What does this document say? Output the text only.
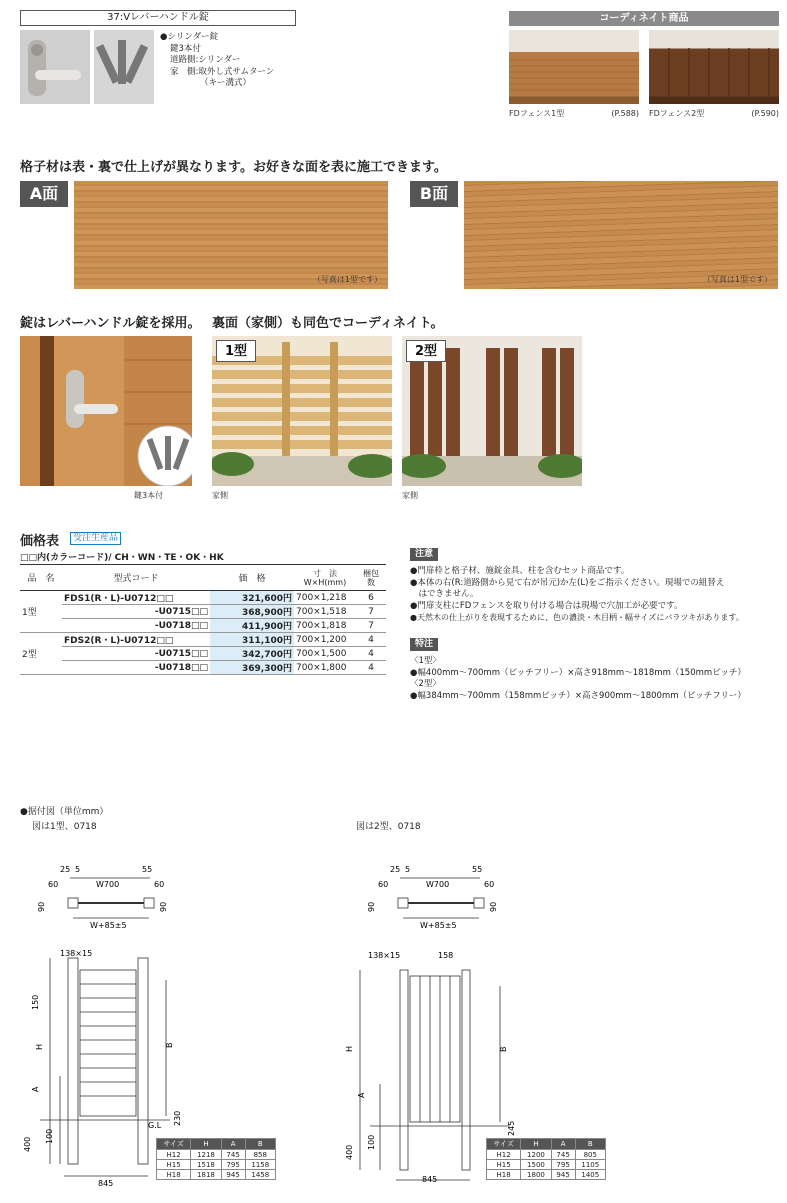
37:Vレバーハンドル錠
●シリンダー錠
鍵3本付
道路側:シリンダー
家　側:取外し式サムターン
（キー溝式）
コーディネイト商品
FDフェンス1型	(P.588) FDフェンス2型	(P.590)
格子材は表・裏で仕上げが異なります。お好きな面を表に施工できます。
A面
（写真は1型です）
B面
（写真は1型です）
錠はレバーハンドル錠を採用。 裏面（家側）も同色でコーディネイト。
鍵3本付
1型
家側
2型
家側
価格表	受注生産品
□□内(カラーコード)/ CH・WN・TE・OK・HK
品　名	型式コード	価　格	寸　法
W×H(mm)	梱包
数
1型	FDS1(R・L)-U0712□□	321,600円	700×1,218	6
	-U0715□□	368,900円	700×1,518	7
	-U0718□□	411,900円	700×1,818	7
2型	FDS2(R・L)-U0712□□	311,100円	700×1,200	4
	-U0715□□	342,700円	700×1,500	4
	-U0718□□	369,300円	700×1,800	4
注意
●門扉枠と格子材、施錠金具、柱を含むセット商品です。
●本体の右(R:道路側から見て右が吊元)か左(L)をご指示ください。現場での組替え
　はできません。
●門扉支柱にFDフェンスを取り付ける場合は現場で穴加工が必要です。
●天然木の仕上がりを表現するために、色の濃淡・木目柄・幅サイズにバラツキがあります。
特注
〈1型〉
●幅400mm〜700mm（ピッチフリー）×高さ918mm〜1818mm（150mmピッチ）
〈2型〉
●幅384mm〜700mm（158mmピッチ）×高さ900mm〜1800mm（ピッチフリー）
●据付図（単位mm）
図は1型、0718	図は2型、0718
25 5	55
60	W700	60
W+85±5
90	90
138×15
150
H
A
B
G.L 230
100
400
845
サイズ	H	A	B
H12	1218	745	858
H15	1518	795	1158
H18	1818	945	1458
25 5	55
60	W700	60
W+85±5
90	90
138×15	158
H
A
B
245
100
400
845
サイズ	H	A	B
H12	1200	745	805
H15	1500	795	1105
H18	1800	945	1405
